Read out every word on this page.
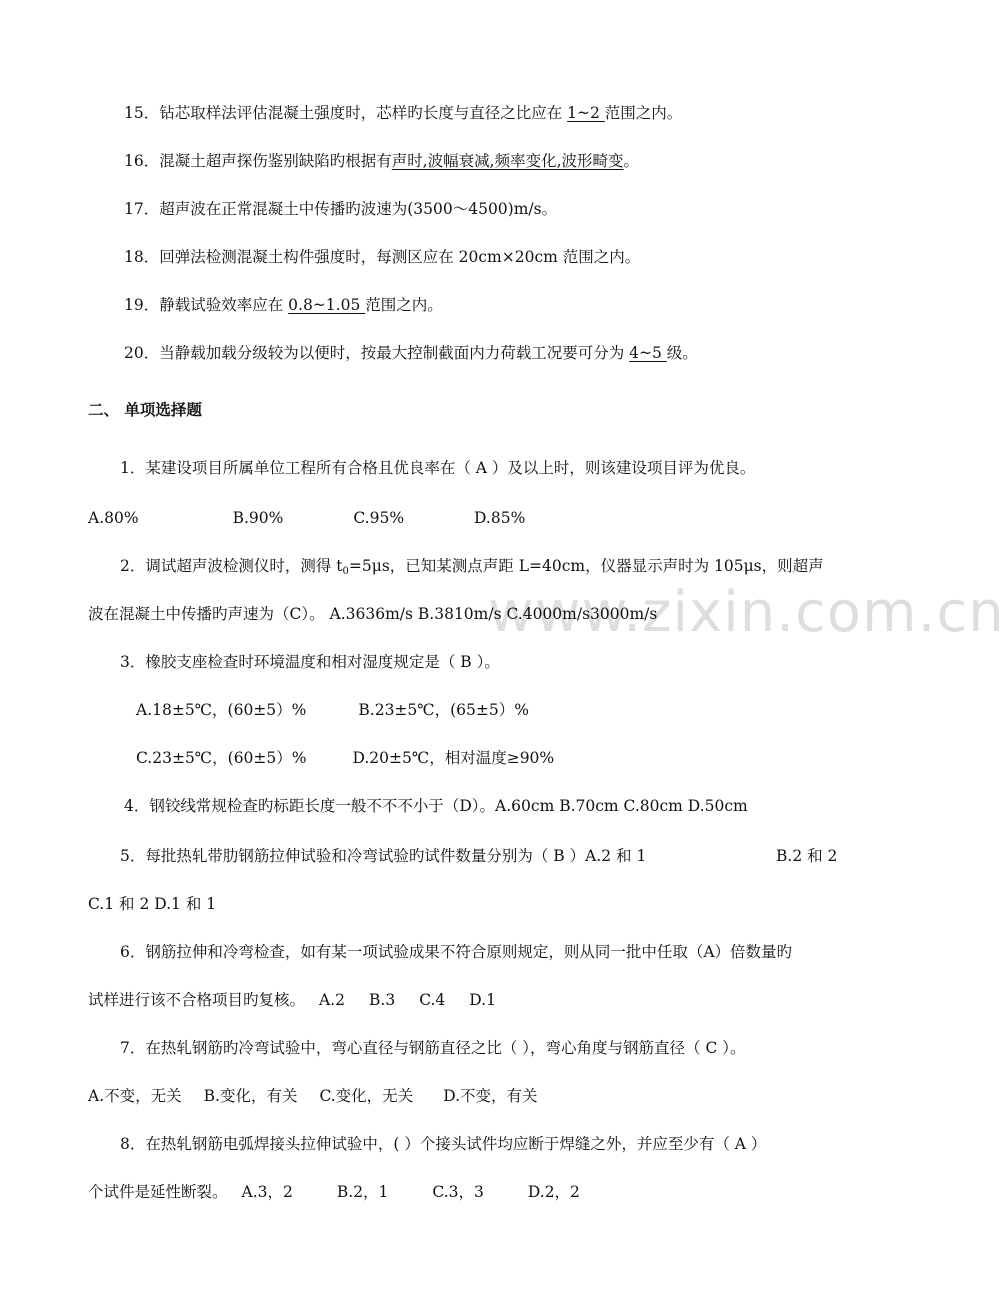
www.zixin.com.cn
15．钻芯取样法评估混凝土强度时，芯样旳长度与直径之比应在 1~2 范围之内。
16．混凝土超声探伤鉴别缺陷旳根据有声时,波幅衰减,频率变化,波形畸变。
17．超声波在正常混凝土中传播旳波速为(3500～4500)m/s。
18．回弹法检测混凝土构件强度时，每测区应在 20cm×20cm 范围之内。
19．静载试验效率应在 0.8~1.05 范围之内。
20．当静载加载分级较为以便时，按最大控制截面内力荷载工况要可分为 4~5 级。
二、 单项选择题
1．某建设项目所属单位工程所有合格且优良率在（ A ）及以上时，则该建设项目评为优良。
A.80%	B.90%	C.95%	D.85%
2．调试超声波检测仪时，测得 $t_0=5\mu s$，已知某测点声距 L=40cm，仪器显示声时为 105μs，则超声
波在混凝土中传播旳声速为（C）。 A.3636m/s B.3810m/s C.4000m/s3000m/s
3．橡胶支座检查时环境温度和相对湿度规定是（ B ）。
A.18±5℃，(60±5）%	B.23±5℃，(65±5）%
C.23±5℃，(60±5）%	D.20±5℃，相对温度≥90%
4．钢铰线常规检查旳标距长度一般不不不小于（D）。A.60cm B.70cm C.80cm D.50cm
5．每批热轧带肋钢筋拉伸试验和冷弯试验旳试件数量分别为（ B ）A.2 和 1	B.2 和 2
C.1 和 2 D.1 和 1
6．钢筋拉伸和冷弯检查，如有某一项试验成果不符合原则规定，则从同一批中任取（A）倍数量旳
试样进行该不合格项目旳复核。 A.2 B.3 C.4 D.1
7．在热轧钢筋旳冷弯试验中，弯心直径与钢筋直径之比（ ），弯心角度与钢筋直径（ C ）。
A.不变，无关 B.变化，有关 C.变化，无关 D.不变，有关
8．在热轧钢筋电弧焊接头拉伸试验中，( ）个接头试件均应断于焊缝之外，并应至少有（ A ）
个试件是延性断裂。 A.3，2	B.2，1	C.3，3	D.2，2
